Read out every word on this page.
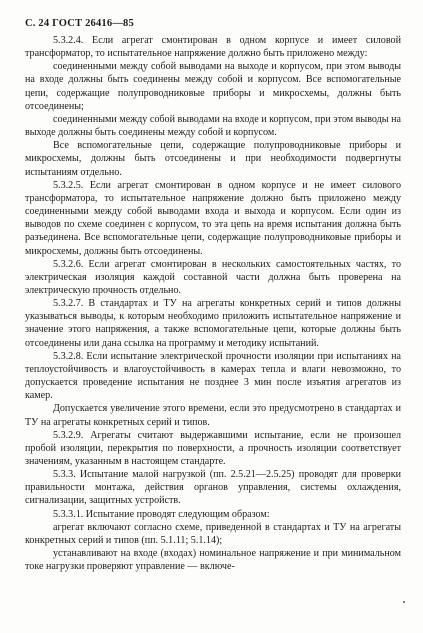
С. 24 ГОСТ 26416—85

5.3.2.4. Если агрегат смонтирован в одном корпусе и имеет силовой трансформатор, то испытательное напряжение должно быть приложено между:

соединенными между собой выводами на выходе и корпусом, при этом выводы на входе должны быть соединены между собой и корпусом. Все вспомогательные цепи, содержащие полупроводниковые приборы и микросхемы, должны быть отсоединены;

соединенными между собой выводами на входе и корпусом, при этом выводы на выходе должны быть соединены между собой и корпусом.

Все вспомогательные цепи, содержащие полупроводниковые приборы и микросхемы, должны быть отсоединены и при необходимости подвергнуты испытаниям отдельно.

5.3.2.5. Если агрегат смонтирован в одном корпусе и не имеет силового трансформатора, то испытательное напряжение должно быть приложено между соединенными между собой выводами входа и выхода и корпусом. Если один из выводов по схеме соединен с корпусом, то эта цепь на время испытания должна быть разъединена. Все вспомогательные цепи, содержащие полупроводниковые приборы и микросхемы, должны быть отсоединены.

5.3.2.6. Если агрегат смонтирован в нескольких самостоятельных частях, то электрическая изоляция каждой составной части должна быть проверена на электрическую прочность отдельно.

5.3.2.7. В стандартах и ТУ на агрегаты конкретных серий и типов должны указываться выводы, к которым необходимо приложить испытательное напряжение и значение этого напряжения, а также вспомогательные цепи, которые должны быть отсоединены или дана ссылка на программу и методику испытаний.

5.3.2.8. Если испытание электрической прочности изоляции при испытаниях на теплоустойчивость и влагоустойчивость в камерах тепла и влаги невозможно, то допускается проведение испытания не позднее 3 мин после изъятия агрегатов из камер.

Допускается увеличение этого времени, если это предусмотрено в стандартах и ТУ на агрегаты конкретных серий и типов.

5.3.2.9. Агрегаты считают выдержавшими испытание, если не произошел пробой изоляции, перекрытия по поверхности, а прочность изоляции соответствует значениям, указанным в настоящем стандарте.

5.3.3. Испытание малой нагрузкой (пп. 2.5.21—2.5.25) проводят для проверки правильности монтажа, действия органов управления, системы охлаждения, сигнализации, защитных устройств.

5.3.3.1. Испытание проводят следующим образом:

агрегат включают согласно схеме, приведенной в стандартах и ТУ на агрегаты конкретных серий и типов (пп. 5.1.11; 5.1.14);

устанавливают на входе (входах) номинальное напряжение и при минимальном токе нагрузки проверяют управление — включе-
